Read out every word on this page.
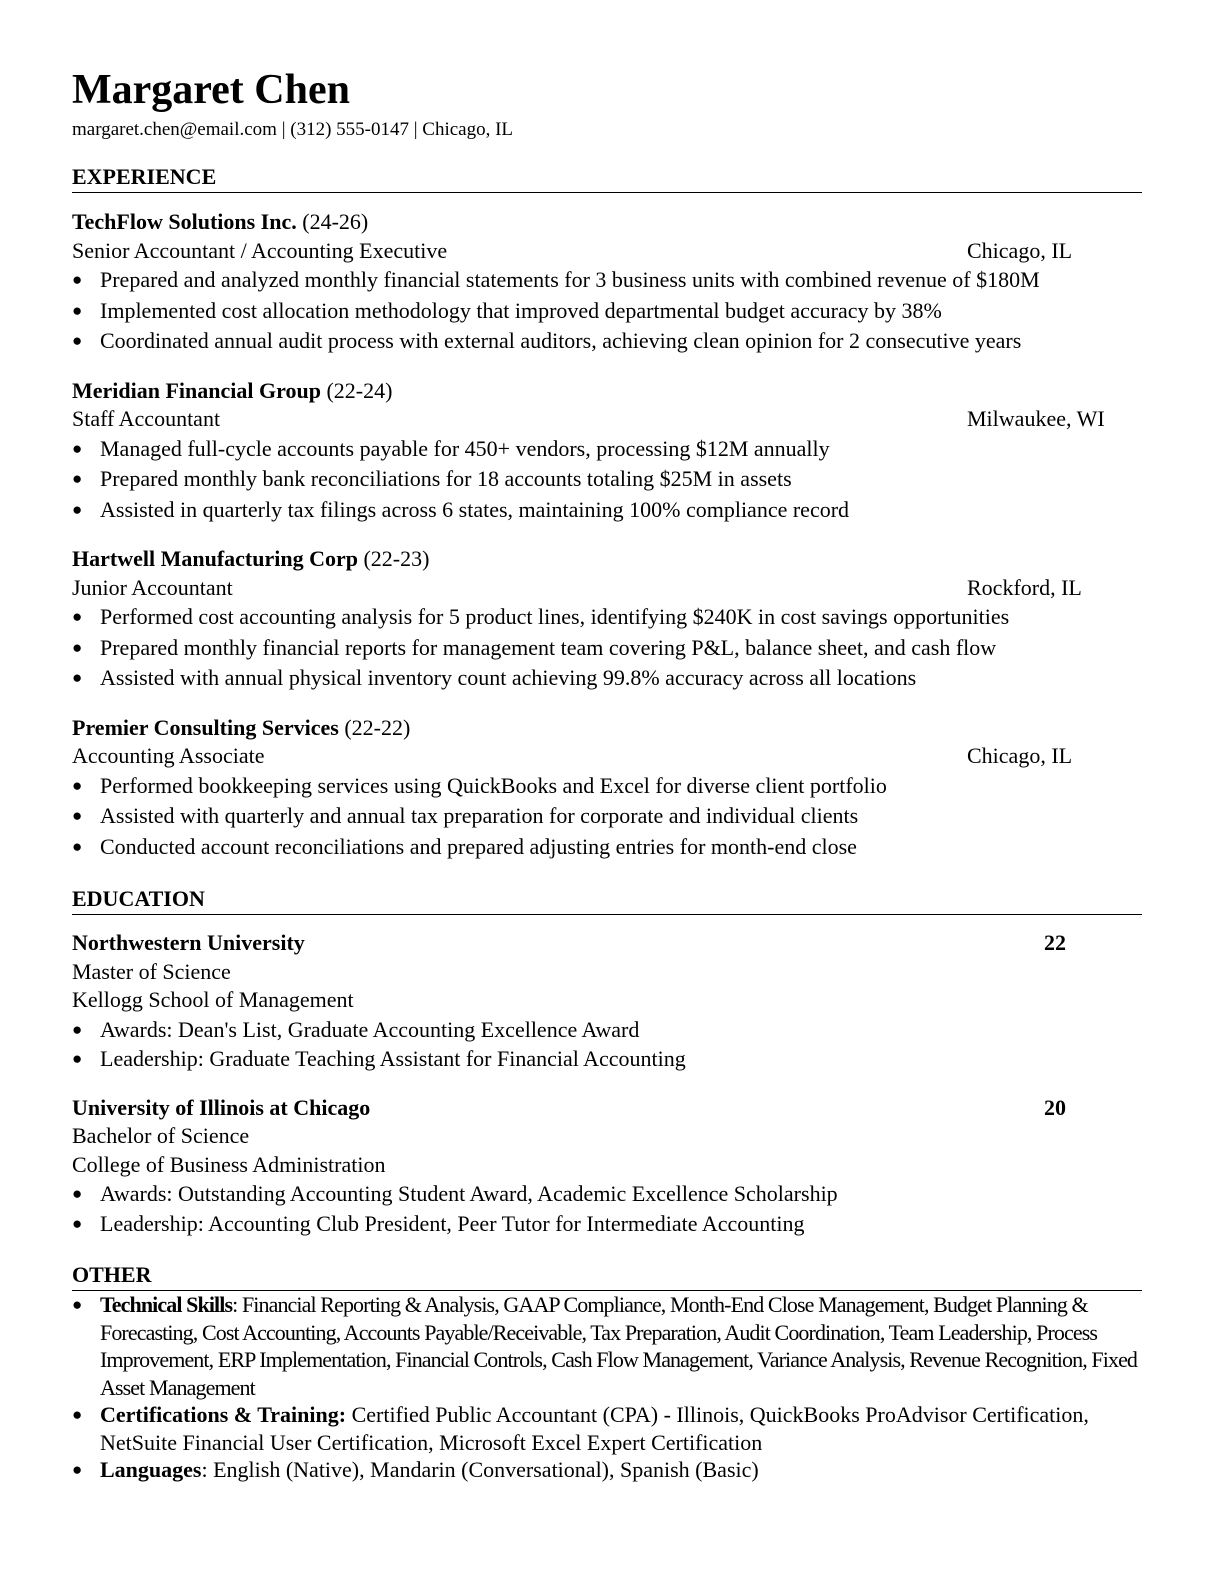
Margaret Chen
margaret.chen@email.com | (312) 555-0147 | Chicago, IL
EXPERIENCE
TechFlow Solutions Inc. (24-26)
Senior Accountant / Accounting Executive	Chicago, IL
● Prepared and analyzed monthly financial statements for 3 business units with combined revenue of $180M
● Implemented cost allocation methodology that improved departmental budget accuracy by 38%
● Coordinated annual audit process with external auditors, achieving clean opinion for 2 consecutive years
Meridian Financial Group (22-24)
Staff Accountant	Milwaukee, WI
● Managed full-cycle accounts payable for 450+ vendors, processing $12M annually
● Prepared monthly bank reconciliations for 18 accounts totaling $25M in assets
● Assisted in quarterly tax filings across 6 states, maintaining 100% compliance record
Hartwell Manufacturing Corp (22-23)
Junior Accountant	Rockford, IL
● Performed cost accounting analysis for 5 product lines, identifying $240K in cost savings opportunities
● Prepared monthly financial reports for management team covering P&L, balance sheet, and cash flow
● Assisted with annual physical inventory count achieving 99.8% accuracy across all locations
Premier Consulting Services (22-22)
Accounting Associate	Chicago, IL
● Performed bookkeeping services using QuickBooks and Excel for diverse client portfolio
● Assisted with quarterly and annual tax preparation for corporate and individual clients
● Conducted account reconciliations and prepared adjusting entries for month-end close
EDUCATION
Northwestern University	22
Master of Science
Kellogg School of Management
● Awards: Dean's List, Graduate Accounting Excellence Award
● Leadership: Graduate Teaching Assistant for Financial Accounting
University of Illinois at Chicago	20
Bachelor of Science
College of Business Administration
● Awards: Outstanding Accounting Student Award, Academic Excellence Scholarship
● Leadership: Accounting Club President, Peer Tutor for Intermediate Accounting
OTHER
● Technical Skills: Financial Reporting & Analysis, GAAP Compliance, Month-End Close Management, Budget Planning & Forecasting, Cost Accounting, Accounts Payable/Receivable, Tax Preparation, Audit Coordination, Team Leadership, Process Improvement, ERP Implementation, Financial Controls, Cash Flow Management, Variance Analysis, Revenue Recognition, Fixed Asset Management
● Certifications & Training: Certified Public Accountant (CPA) - Illinois, QuickBooks ProAdvisor Certification, NetSuite Financial User Certification, Microsoft Excel Expert Certification
● Languages: English (Native), Mandarin (Conversational), Spanish (Basic)
